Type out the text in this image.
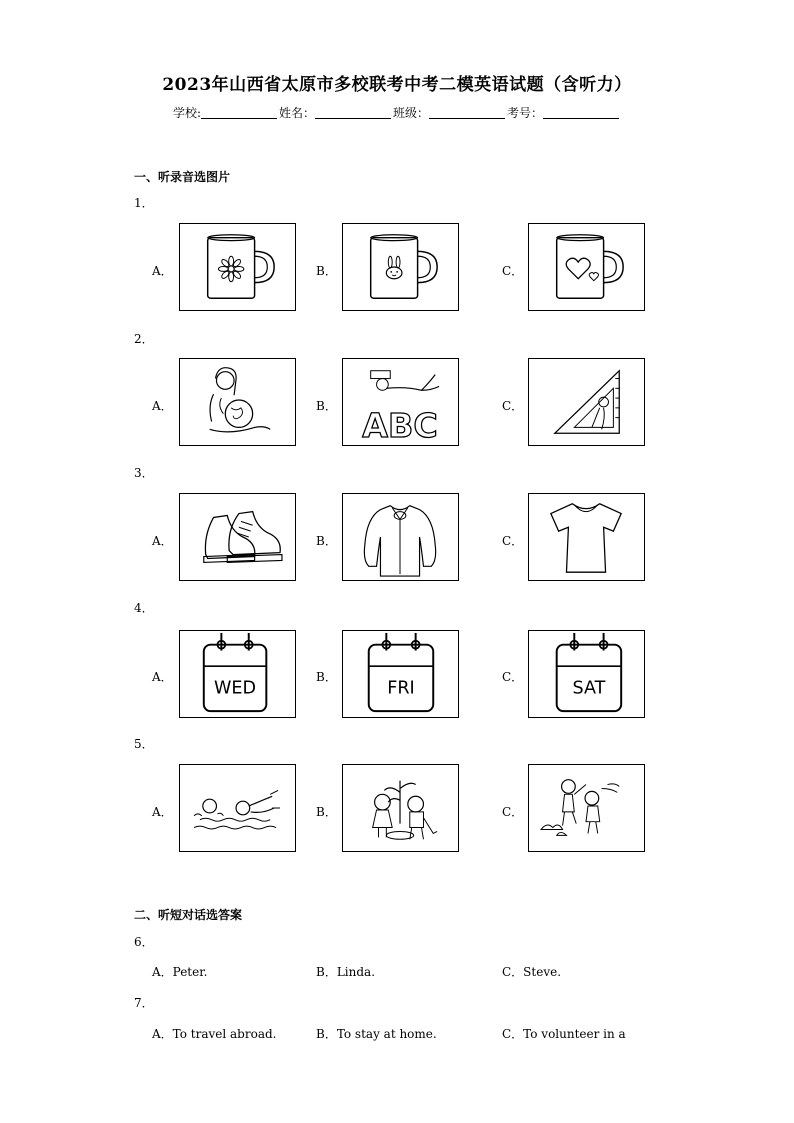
2023年山西省太原市多校联考中考二模英语试题（含听力）
学校:	姓名：	班级：	考号：
一、听录音选图片
1．
A．	B．	C．
2．
A．	B．
ABC
C．
3．
A．	B．	C．
4．
A．
WED
B．
FRI
C．
SAT
5．
A．	B．	C．
二、听短对话选答案
6．
A．Peter.	B．Linda.	C．Steve.
7．
A．To travel abroad.	B．To stay at home.	C．To volunteer in a
